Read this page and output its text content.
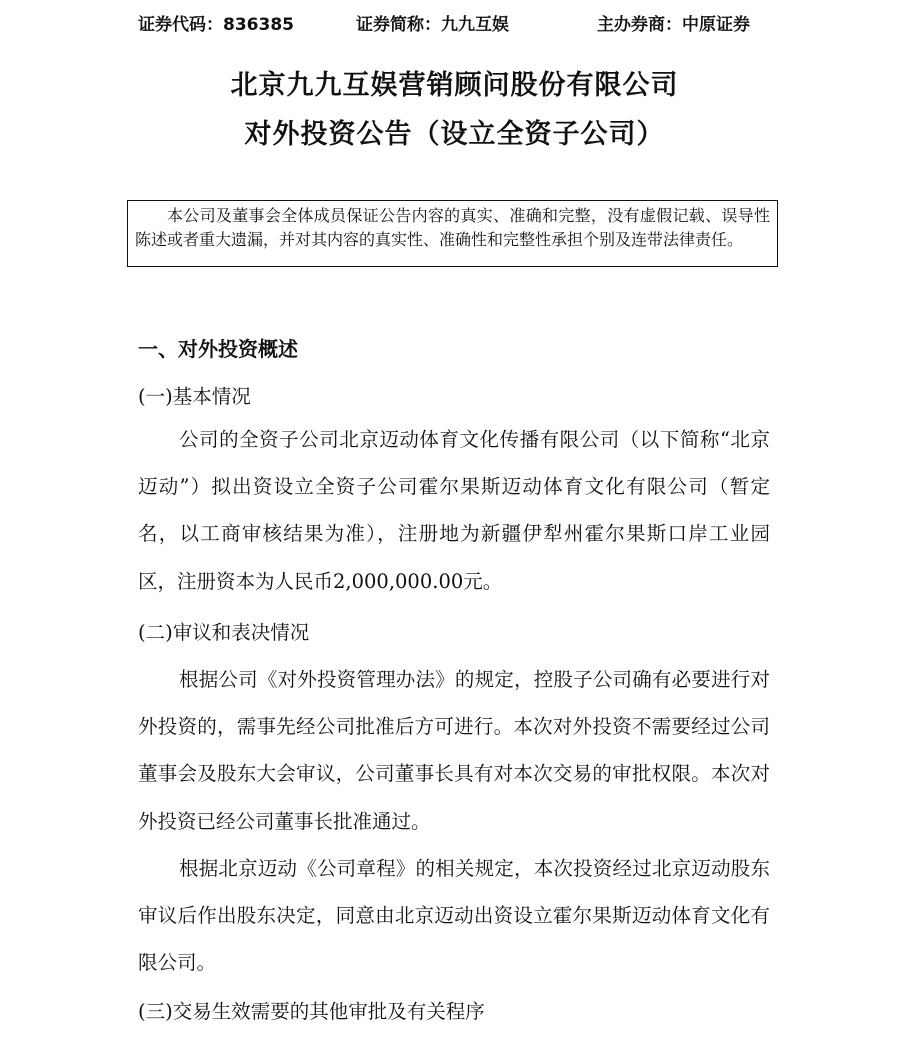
证券代码：836385	证券简称：九九互娱	主办券商：中原证券
北京九九互娱营销顾问股份有限公司
对外投资公告（设立全资子公司）
本公司及董事会全体成员保证公告内容的真实、准确和完整，没有虚假记载、误导性陈述或者重大遗漏，并对其内容的真实性、准确性和完整性承担个别及连带法律责任。
一、对外投资概述
(一)基本情况
公司的全资子公司北京迈动体育文化传播有限公司（以下简称“北京迈动”）拟出资设立全资子公司霍尔果斯迈动体育文化有限公司（暂定名，以工商审核结果为准），注册地为新疆伊犁州霍尔果斯口岸工业园区，注册资本为人民币2,000,000.00元。
(二)审议和表决情况
根据公司《对外投资管理办法》的规定，控股子公司确有必要进行对外投资的，需事先经公司批准后方可进行。本次对外投资不需要经过公司董事会及股东大会审议，公司董事长具有对本次交易的审批权限。本次对外投资已经公司董事长批准通过。
根据北京迈动《公司章程》的相关规定，本次投资经过北京迈动股东审议后作出股东决定，同意由北京迈动出资设立霍尔果斯迈动体育文化有限公司。
(三)交易生效需要的其他审批及有关程序
